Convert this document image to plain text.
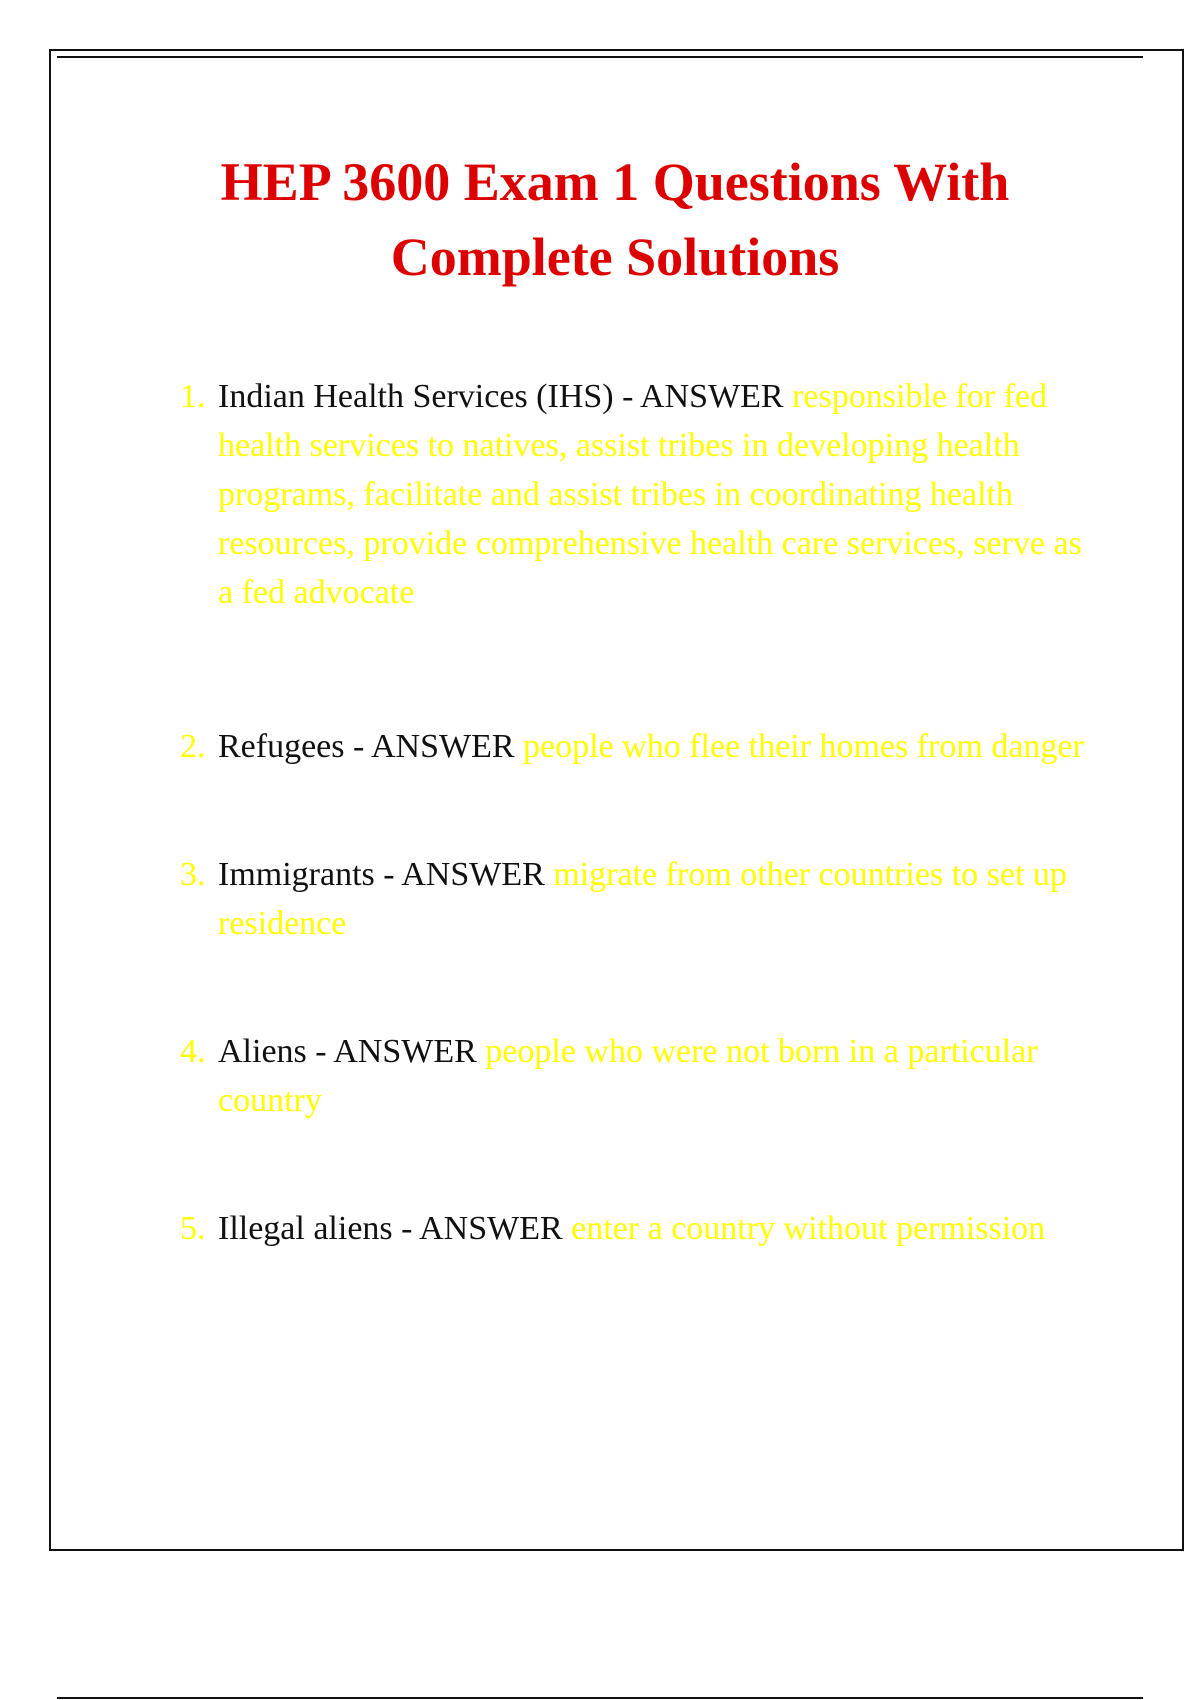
HEP 3600 Exam 1 Questions With Complete Solutions
1. Indian Health Services (IHS) - ANSWER responsible for fed health services to natives, assist tribes in developing health programs, facilitate and assist tribes in coordinating health resources, provide comprehensive health care services, serve as a fed advocate
2. Refugees - ANSWER people who flee their homes from danger
3. Immigrants - ANSWER migrate from other countries to set up residence
4. Aliens - ANSWER people who were not born in a particular country
5. Illegal aliens - ANSWER enter a country without permission
